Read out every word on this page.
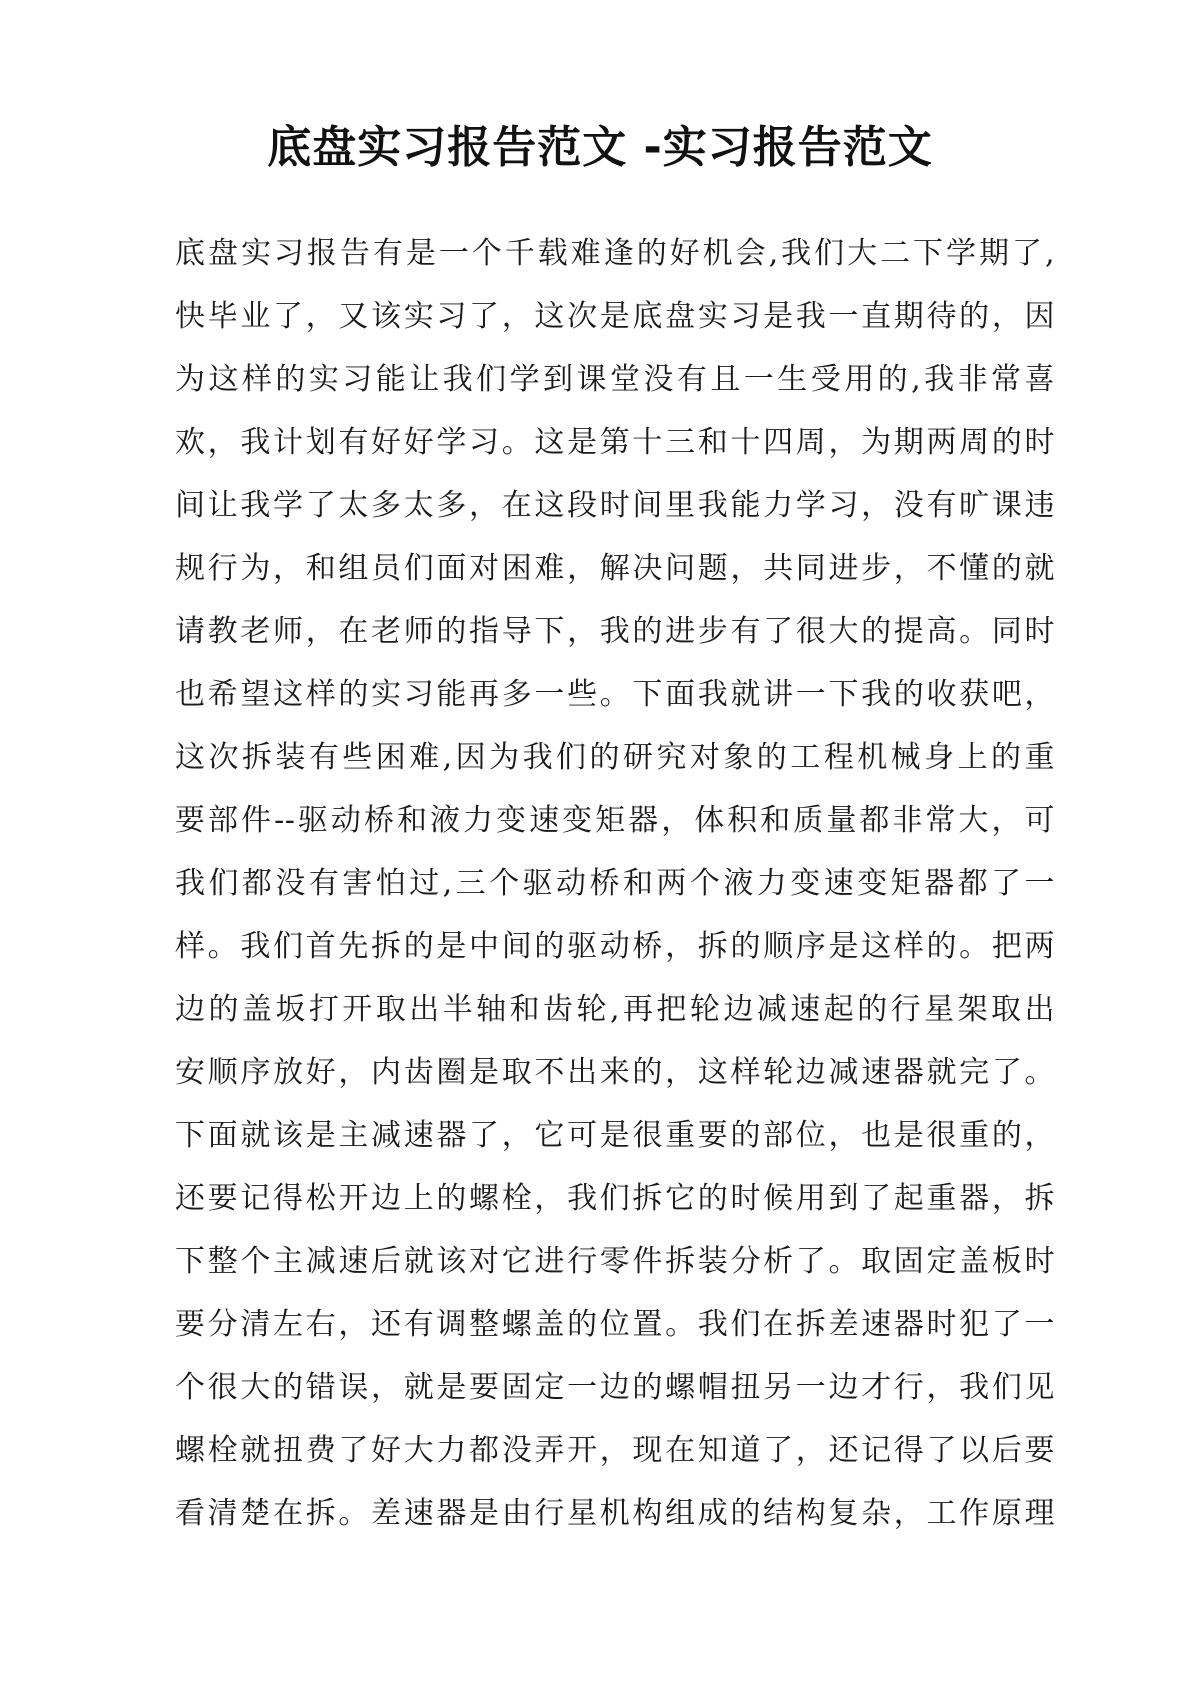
底盘实习报告范文 -实习报告范文
底盘实习报告有是一个千载难逢的好机会,我们大二下学期了,
快毕业了，又该实习了，这次是底盘实习是我一直期待的，因
为这样的实习能让我们学到课堂没有且一生受用的,我非常喜
欢，我计划有好好学习。这是第十三和十四周，为期两周的时
间让我学了太多太多，在这段时间里我能力学习，没有旷课违
规行为，和组员们面对困难，解决问题，共同进步，不懂的就
请教老师，在老师的指导下，我的进步有了很大的提高。同时
也希望这样的实习能再多一些。下面我就讲一下我的收获吧，
这次拆装有些困难,因为我们的研究对象的工程机械身上的重
要部件--驱动桥和液力变速变矩器，体积和质量都非常大，可
我们都没有害怕过,三个驱动桥和两个液力变速变矩器都了一
样。我们首先拆的是中间的驱动桥，拆的顺序是这样的。把两
边的盖坂打开取出半轴和齿轮,再把轮边减速起的行星架取出
安顺序放好，内齿圈是取不出来的，这样轮边减速器就完了。
下面就该是主减速器了，它可是很重要的部位，也是很重的，
还要记得松开边上的螺栓，我们拆它的时候用到了起重器，拆
下整个主减速后就该对它进行零件拆装分析了。取固定盖板时
要分清左右，还有调整螺盖的位置。我们在拆差速器时犯了一
个很大的错误，就是要固定一边的螺帽扭另一边才行，我们见
螺栓就扭费了好大力都没弄开，现在知道了，还记得了以后要
看清楚在拆。差速器是由行星机构组成的结构复杂，工作原理
